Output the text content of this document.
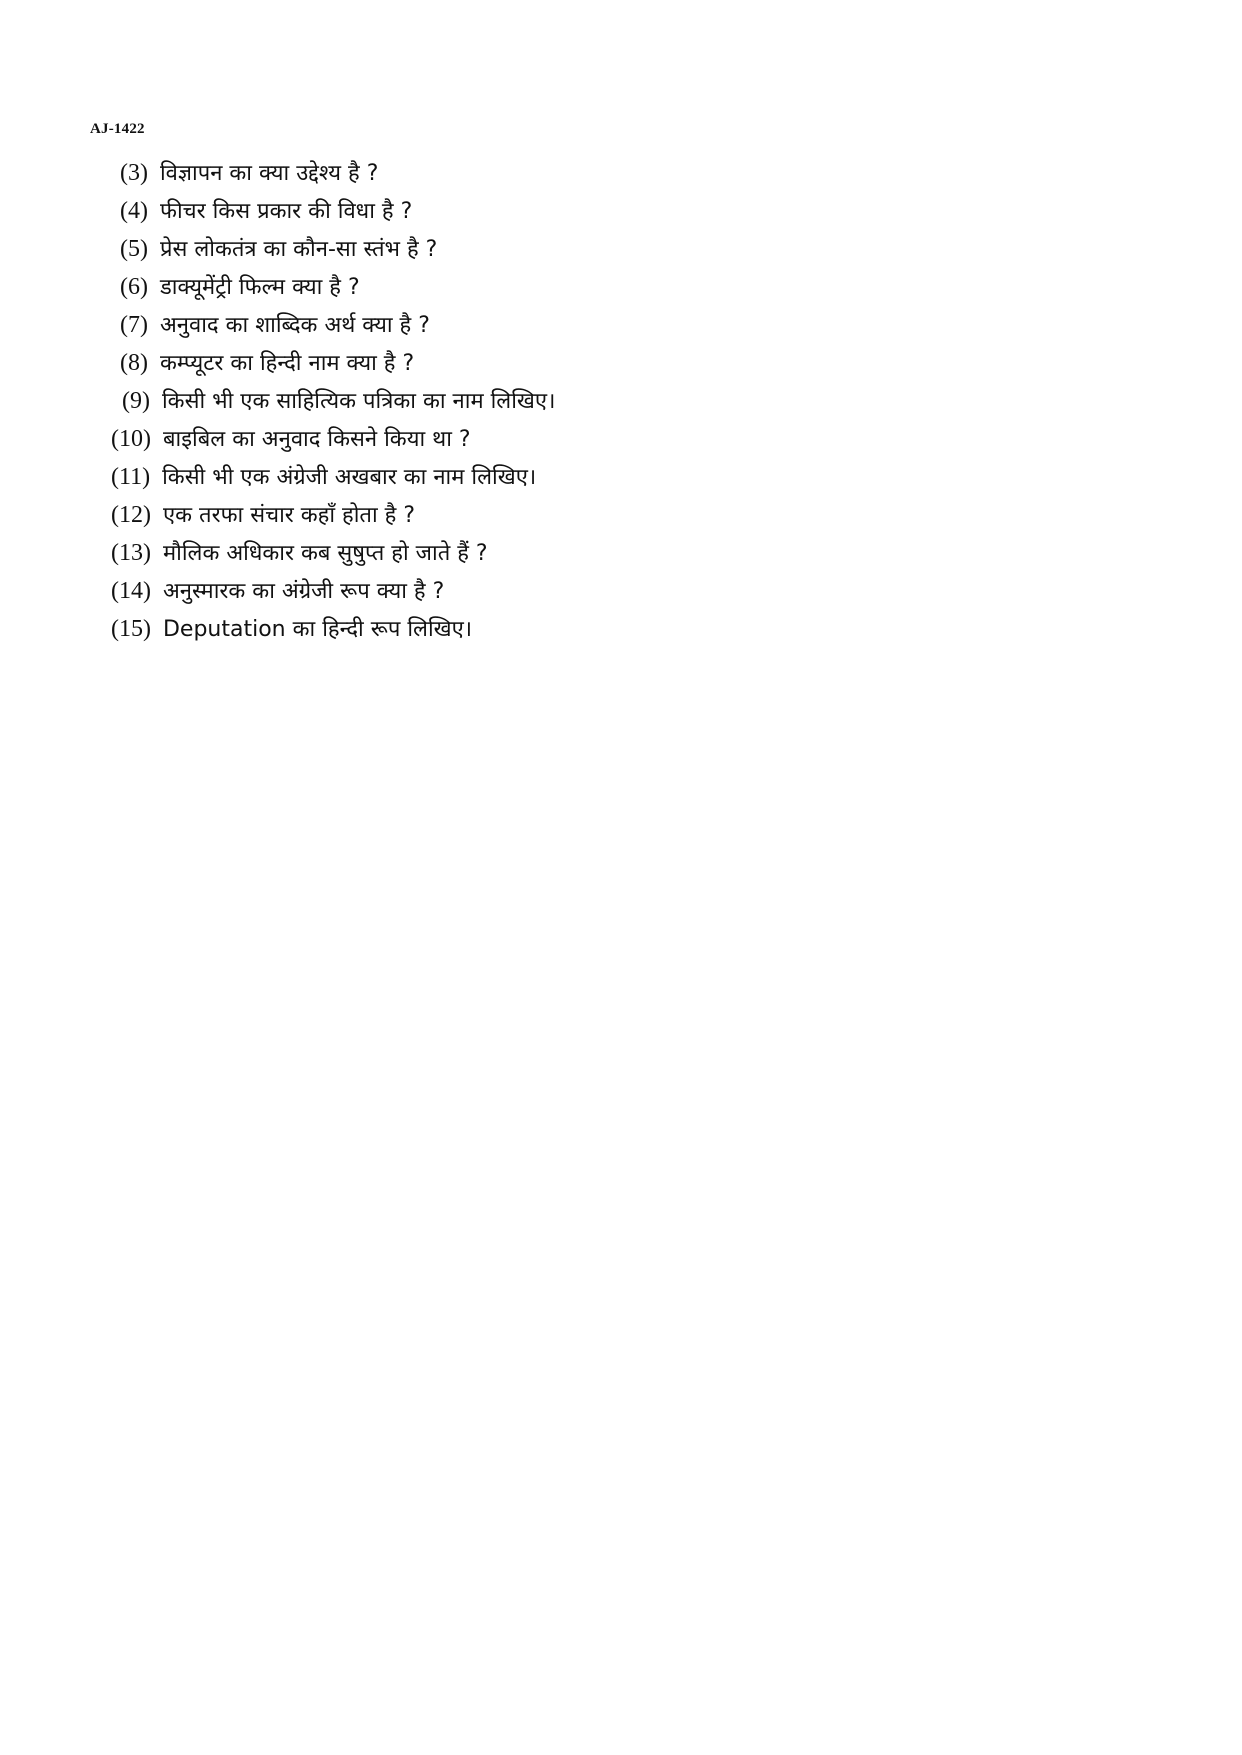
AJ-1422
(3) विज्ञापन का क्या उद्देश्य है ?
(4) फीचर किस प्रकार की विधा है ?
(5) प्रेस लोकतंत्र का कौन-सा स्तंभ है ?
(6) डाक्यूमेंट्री फिल्म क्या है ?
(7) अनुवाद का शाब्दिक अर्थ क्या है ?
(8) कम्प्यूटर का हिन्दी नाम क्या है ?
(9) किसी भी एक साहित्यिक पत्रिका का नाम लिखिए।
(10) बाइबिल का अनुवाद किसने किया था ?
(11) किसी भी एक अंग्रेजी अखबार का नाम लिखिए।
(12) एक तरफा संचार कहाँ होता है ?
(13) मौलिक अधिकार कब सुषुप्त हो जाते हैं ?
(14) अनुस्मारक का अंग्रेजी रूप क्या है ?
(15) Deputation का हिन्दी रूप लिखिए।
